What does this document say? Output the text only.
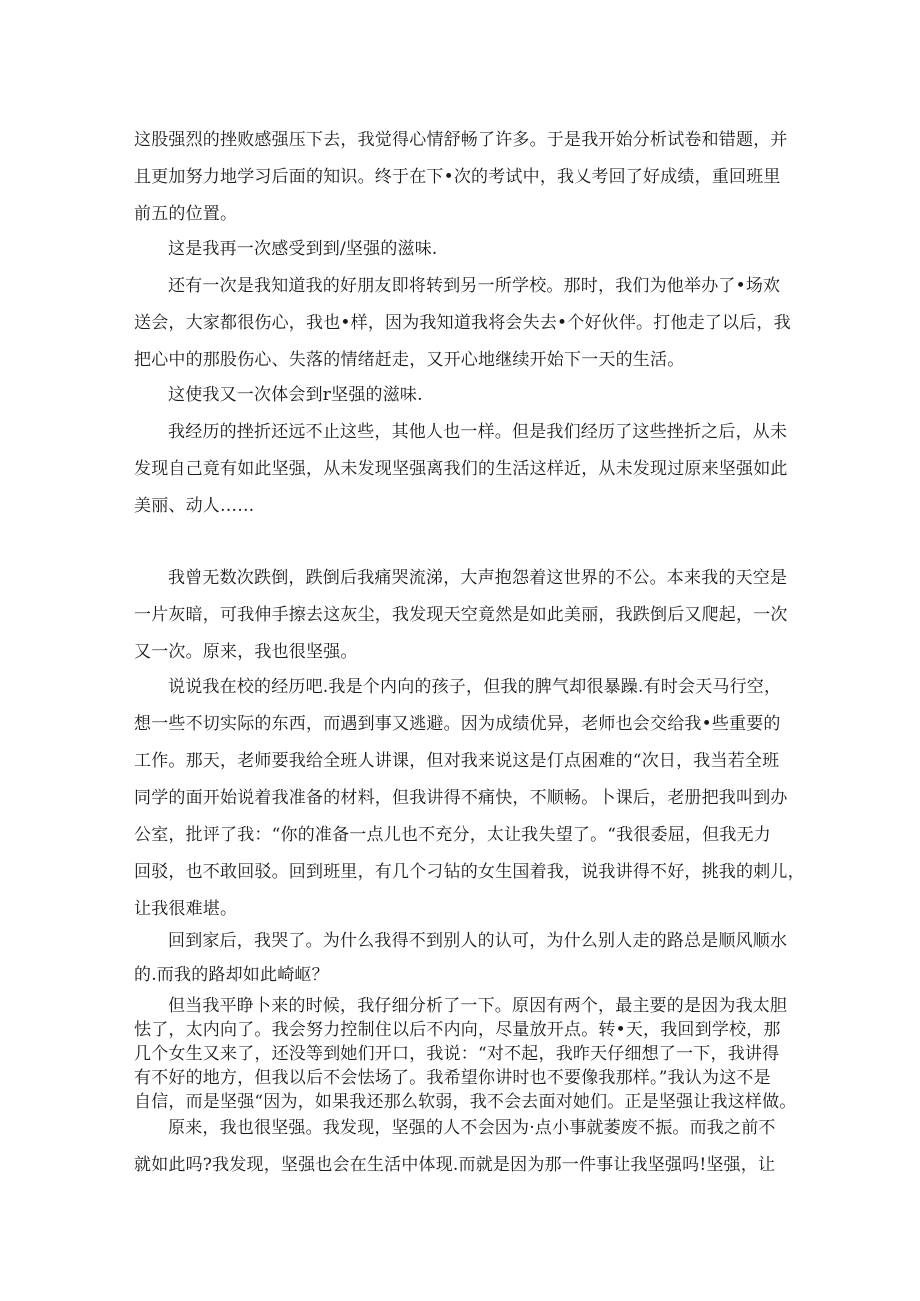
这股强烈的挫败感强压下去，我觉得心情舒畅了许多。于是我开始分析试卷和错题，并
且更加努力地学习后面的知识。终于在下•次的考试中，我乂考回了好成绩，重回班里
前五的位置。
这是我再一次感受到到/坚强的滋味.
还有一次是我知道我的好朋友即将转到另一所学校。那时，我们为他举办了•场欢
送会，大家都很伤心，我也•样，因为我知道我将会失去•个好伙伴。打他走了以后，我
把心中的那股伤心、失落的情绪赶走，又开心地继续开始下一天的生活。
这使我又一次体会到r坚强的滋味.
我经历的挫折还远不止这些，其他人也一样。但是我们经历了这些挫折之后，从未
发现自己竟有如此坚强，从未发现坚强离我们的生活这样近，从未发现过原来坚强如此
美丽、动人……
我曾无数次跌倒，跌倒后我痛哭流涕，大声抱怨着这世界的不公。本来我的天空是
一片灰暗，可我伸手擦去这灰尘，我发现天空竟然是如此美丽，我跌倒后又爬起，一次
又一次。原来，我也很坚强。
说说我在校的经历吧.我是个内向的孩子，但我的脾气却很暴躁.有时会天马行空，
想一些不切实际的东西，而遇到事又逃避。因为成绩优异，老师也会交给我•些重要的
工作。那天，老师要我给全班人讲课，但对我来说这是仃点困难的“次日，我当若全班
同学的面开始说着我准备的材料，但我讲得不痛快，不顺畅。卜课后，老册把我叫到办
公室，批评了我：“你的准备一点儿也不充分，太让我失望了。“我很委屈，但我无力
回驳，也不敢回驳。回到班里，有几个刁钻的女生国着我，说我讲得不好，挑我的刺儿，
让我很难堪。
回到家后，我哭了。为什么我得不到别人的认可，为什么别人走的路总是顺风顺水
的.而我的路却如此崎岖？
但当我平睁卜来的时候，我仔细分析了一下。原因有两个，最主要的是因为我太胆
怯了，太内向了。我会努力控制住以后不内向，尽量放开点。转•天，我回到学校，那
几个女生又来了，还没等到她们开口，我说：“对不起，我昨天仔细想了一下，我讲得
有不好的地方，但我以后不会怯场了。我希望你讲时也不要像我那样。”我认为这不是
自信，而是坚强“因为，如果我还那么软弱，我不会去面对她们。正是坚强让我这样做。
原来，我也很坚强。我发现，坚强的人不会因为·点小事就萎废不振。而我之前不
就如此吗?我发现，坚强也会在生活中体现.而就是因为那一件事让我坚强吗!坚强，让
